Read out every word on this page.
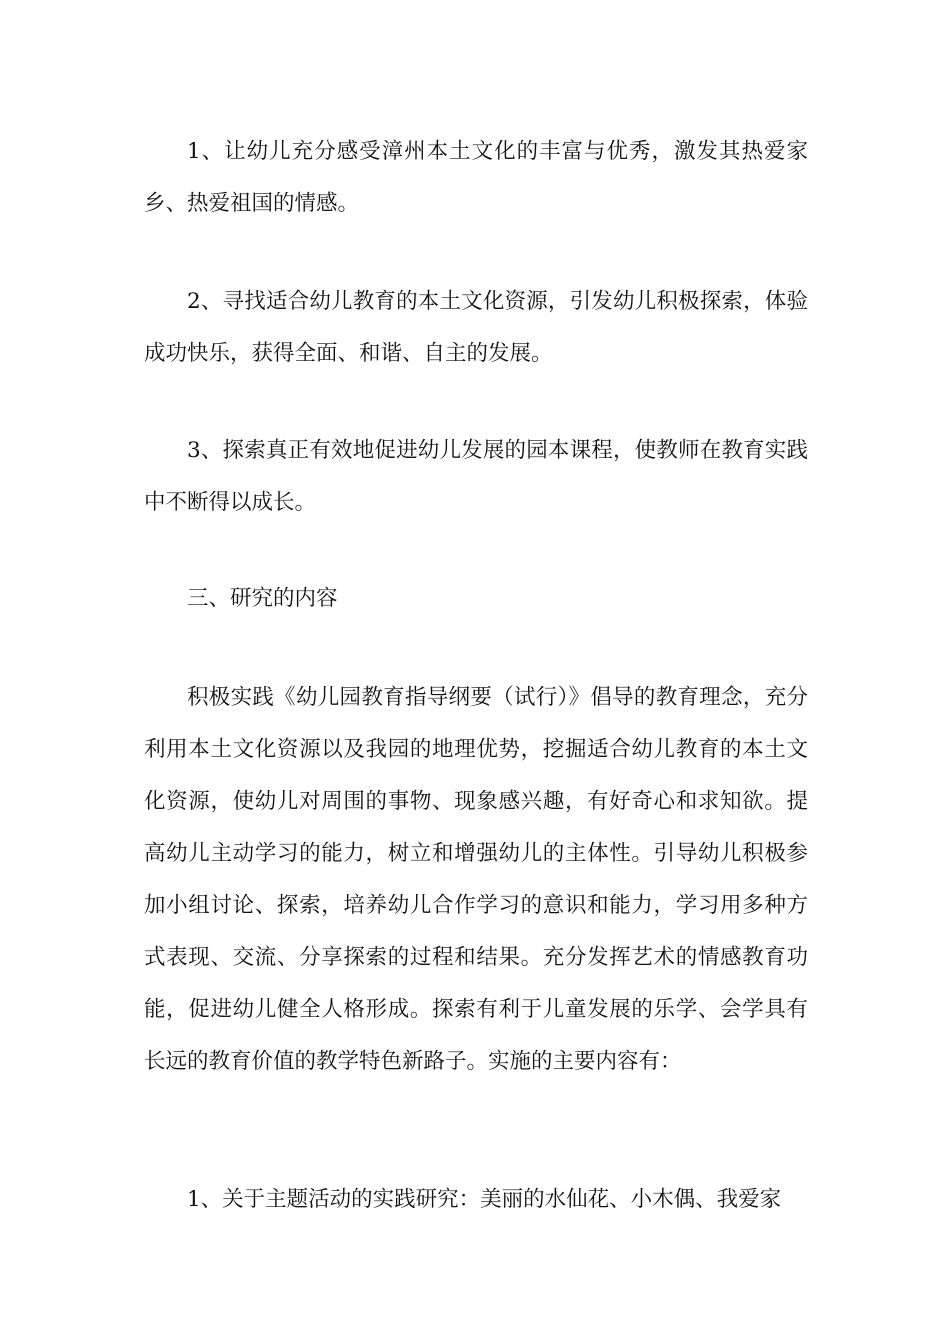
1、让幼儿充分感受漳州本土文化的丰富与优秀，激发其热爱家乡、热爱祖国的情感。

2、寻找适合幼儿教育的本土文化资源，引发幼儿积极探索，体验成功快乐，获得全面、和谐、自主的发展。

3、探索真正有效地促进幼儿发展的园本课程，使教师在教育实践中不断得以成长。

三、研究的内容

积极实践《幼儿园教育指导纲要（试行）》倡导的教育理念，充分利用本土文化资源以及我园的地理优势，挖掘适合幼儿教育的本土文化资源，使幼儿对周围的事物、现象感兴趣，有好奇心和求知欲。提高幼儿主动学习的能力，树立和增强幼儿的主体性。引导幼儿积极参加小组讨论、探索，培养幼儿合作学习的意识和能力，学习用多种方式表现、交流、分享探索的过程和结果。充分发挥艺术的情感教育功能，促进幼儿健全人格形成。探索有利于儿童发展的乐学、会学具有长远的教育价值的教学特色新路子。实施的主要内容有：

1、关于主题活动的实践研究：美丽的水仙花、小木偶、我爱家
